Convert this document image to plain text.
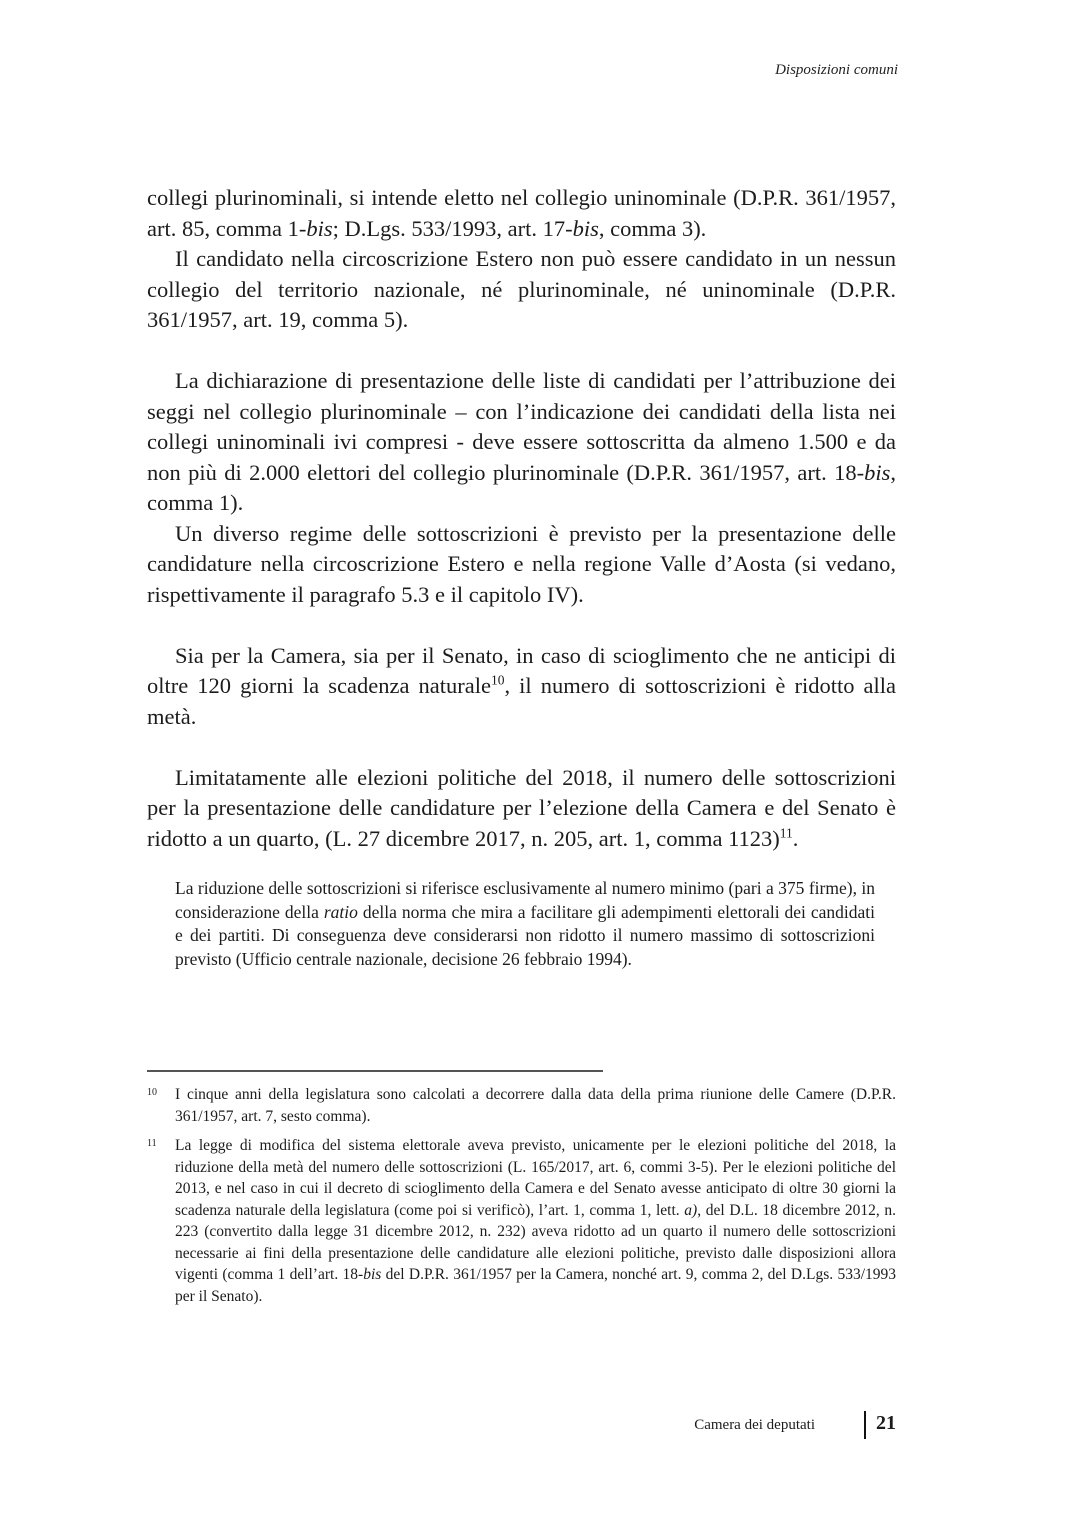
Disposizioni comuni

collegi plurinominali, si intende eletto nel collegio uninominale (D.P.R. 361/1957, art. 85, comma 1-bis; D.Lgs. 533/1993, art. 17-bis, comma 3).

Il candidato nella circoscrizione Estero non può essere candidato in un nessun collegio del territorio nazionale, né plurinominale, né uninominale (D.P.R. 361/1957, art. 19, comma 5).

La dichiarazione di presentazione delle liste di candidati per l’attribuzione dei seggi nel collegio plurinominale – con l’indicazione dei candidati della lista nei collegi uninominali ivi compresi - deve essere sottoscritta da almeno 1.500 e da non più di 2.000 elettori del collegio plurinominale (D.P.R. 361/1957, art. 18-bis, comma 1).

Un diverso regime delle sottoscrizioni è previsto per la presentazione delle candidature nella circoscrizione Estero e nella regione Valle d’Aosta (si vedano, rispettivamente il paragrafo 5.3 e il capitolo IV).

Sia per la Camera, sia per il Senato, in caso di scioglimento che ne anticipi di oltre 120 giorni la scadenza naturale$^{10}$, il numero di sottoscrizioni è ridotto alla metà.

Limitatamente alle elezioni politiche del 2018, il numero delle sottoscrizioni per la presentazione delle candidature per l’elezione della Camera e del Senato è ridotto a un quarto, (L. 27 dicembre 2017, n. 205, art. 1, comma 1123)$^{11}$.

La riduzione delle sottoscrizioni si riferisce esclusivamente al numero minimo (pari a 375 firme), in considerazione della ratio della norma che mira a facilitare gli adempimenti elettorali dei candidati e dei partiti. Di conseguenza deve considerarsi non ridotto il numero massimo di sottoscrizioni previsto (Ufficio centrale nazionale, decisione 26 febbraio 1994).
10	I cinque anni della legislatura sono calcolati a decorrere dalla data della prima riunione delle Camere (D.P.R. 361/1957, art. 7, sesto comma).
11	La legge di modifica del sistema elettorale aveva previsto, unicamente per le elezioni politiche del 2018, la riduzione della metà del numero delle sottoscrizioni (L. 165/2017, art. 6, commi 3-5). Per le elezioni politiche del 2013, e nel caso in cui il decreto di scioglimento della Camera e del Senato avesse anticipato di oltre 30 giorni la scadenza naturale della legislatura (come poi si verificò), l’art. 1, comma 1, lett. a), del D.L. 18 dicembre 2012, n. 223 (convertito dalla legge 31 dicembre 2012, n. 232) aveva ridotto ad un quarto il numero delle sottoscrizioni necessarie ai fini della presentazione delle candidature alle elezioni politiche, previsto dalle disposizioni allora vigenti (comma 1 dell’art. 18-bis del D.P.R. 361/1957 per la Camera, nonché art. 9, comma 2, del D.Lgs. 533/1993 per il Senato).
Camera dei deputati	21
